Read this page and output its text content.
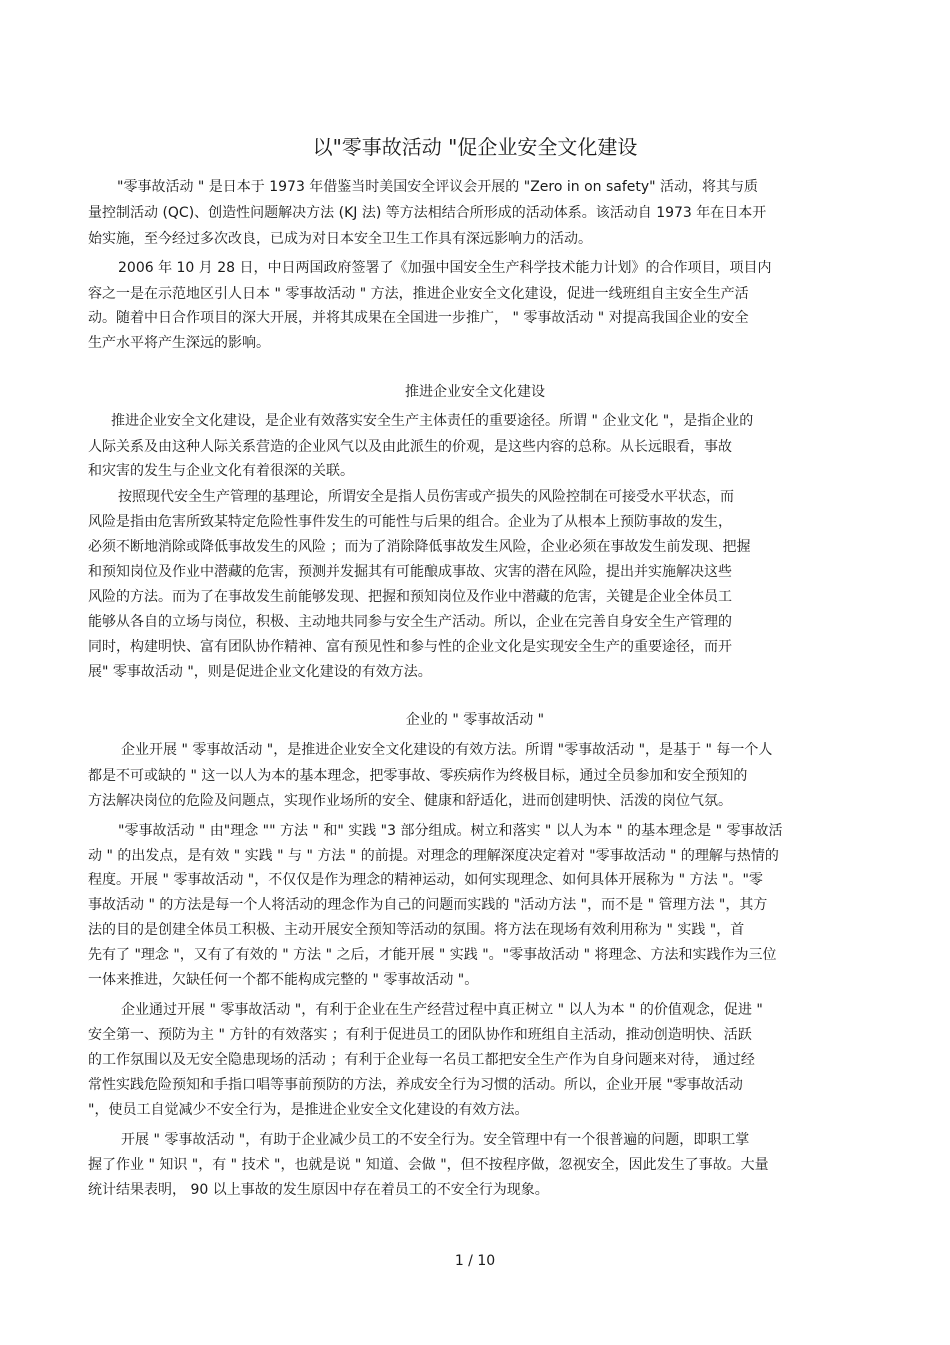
以"零事故活动 "促企业安全文化建设
"零事故活动 " 是日本于 1973 年借鉴当时美国安全评议会开展的 "Zero in on safety" 活动，将其与质
量控制活动 (QC)、创造性问题解决方法 (KJ 法) 等方法相结合所形成的活动体系。该活动自 1973 年在日本开
始实施，至今经过多次改良，已成为对日本安全卫生工作具有深远影响力的活动。
2006 年 10 月 28 日，中日两国政府签署了《加强中国安全生产科学技术能力计划》的合作项目，项目内
容之一是在示范地区引人日本 " 零事故活动 " 方法，推进企业安全文化建设，促进一线班组自主安全生产活
动。随着中日合作项目的深大开展，并将其成果在全国进一步推广， " 零事故活动 " 对提高我国企业的安全
生产水平将产生深远的影响。
推进企业安全文化建设
推进企业安全文化建设，是企业有效落实安全生产主体责任的重要途径。所谓 " 企业文化 "，是指企业的
人际关系及由这种人际关系营造的企业风气以及由此派生的价观，是这些内容的总称。从长远眼看，事故
和灾害的发生与企业文化有着很深的关联。
按照现代安全生产管理的基理论，所谓安全是指人员伤害或产损失的风险控制在可接受水平状态，而
风险是指由危害所致某特定危险性事件发生的可能性与后果的组合。企业为了从根本上预防事故的发生，
必须不断地消除或降低事故发生的风险 ；而为了消除降低事故发生风险，企业必须在事故发生前发现、把握
和预知岗位及作业中潜藏的危害，预测并发掘其有可能酿成事故、灾害的潜在风险，提出并实施解决这些
风险的方法。而为了在事故发生前能够发现、把握和预知岗位及作业中潜藏的危害，关键是企业全体员工
能够从各自的立场与岗位，积极、主动地共同参与安全生产活动。所以，企业在完善自身安全生产管理的
同时，构建明快、富有团队协作精神、富有预见性和参与性的企业文化是实现安全生产的重要途径，而开
展" 零事故活动 "，则是促进企业文化建设的有效方法。
企业的 " 零事故活动 "
企业开展 " 零事故活动 "，是推进企业安全文化建设的有效方法。所谓 "零事故活动 "，是基于 " 每一个人
都是不可或缺的 " 这一以人为本的基本理念，把零事故、零疾病作为终极目标，通过全员参加和安全预知的
方法解决岗位的危险及问题点，实现作业场所的安全、健康和舒适化，进而创建明快、活泼的岗位气氛。
"零事故活动 " 由"理念 "" 方法 " 和" 实践 "3 部分组成。树立和落实 " 以人为本 " 的基本理念是 " 零事故活
动 " 的出发点，是有效 " 实践 " 与 " 方法 " 的前提。对理念的理解深度决定着对 "零事故活动 " 的理解与热情的
程度。开展 " 零事故活动 "，不仅仅是作为理念的精神运动，如何实现理念、如何具体开展称为 " 方法 "。"零
事故活动 " 的方法是每一个人将活动的理念作为自己的问题而实践的 "活动方法 "，而不是 " 管理方法 "，其方
法的目的是创建全体员工积极、主动开展安全预知等活动的氛围。将方法在现场有效利用称为 " 实践 "，首
先有了 "理念 "，又有了有效的 " 方法 " 之后，才能开展 " 实践 "。"零事故活动 " 将理念、方法和实践作为三位
一体来推进，欠缺任何一个都不能构成完整的 " 零事故活动 "。
企业通过开展 " 零事故活动 "，有利于企业在生产经营过程中真正树立 " 以人为本 " 的价值观念，促进 "
安全第一、预防为主 " 方针的有效落实 ；有利于促进员工的团队协作和班组自主活动，推动创造明快、活跃
的工作氛围以及无安全隐患现场的活动 ；有利于企业每一名员工都把安全生产作为自身问题来对待， 通过经
常性实践危险预知和手指口唱等事前预防的方法，养成安全行为习惯的活动。所以，企业开展 "零事故活动
"，使员工自觉减少不安全行为，是推进企业安全文化建设的有效方法。
开展 " 零事故活动 "，有助于企业减少员工的不安全行为。安全管理中有一个很普遍的问题，即职工掌
握了作业 " 知识 "，有 " 技术 "，也就是说 " 知道、会做 "，但不按程序做，忽视安全，因此发生了事故。大量
统计结果表明， 90 以上事故的发生原因中存在着员工的不安全行为现象。
1 / 10
